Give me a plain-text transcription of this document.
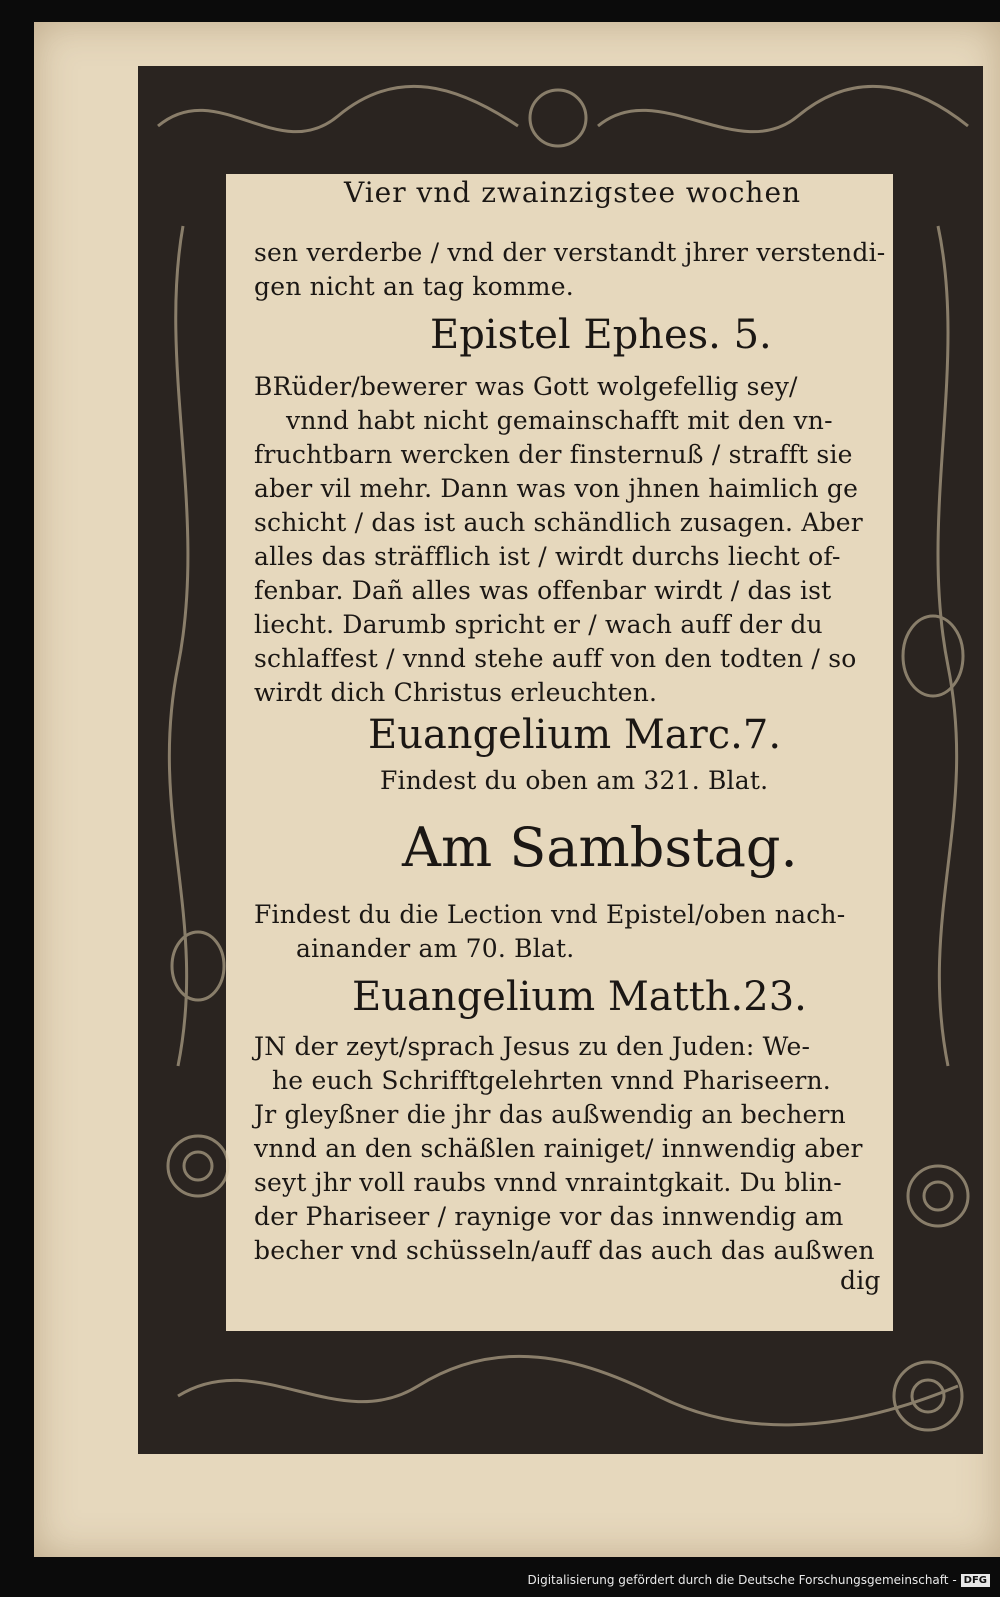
Vier vnd zwainzigstee wochen
sen verderbe / vnd der verstandt jhrer verstendi-
gen nicht an tag komme.
Epistel Ephes. 5.
BRüder/bewerer was Gott wolgefellig sey/
vnnd habt nicht gemainschafft mit den vn-
fruchtbarn wercken der finsternuß / strafft sie
aber vil mehr. Dann was von jhnen haimlich ge
schicht / das ist auch schändlich zusagen. Aber
alles das sträfflich ist / wirdt durchs liecht of-
fenbar. Dañ alles was offenbar wirdt / das ist
liecht. Darumb spricht er / wach auff der du
schlaffest / vnnd stehe auff von den todten / so
wirdt dich Christus erleuchten.
Euangelium Marc.7.
Findest du oben am 321. Blat.
Am Sambstag.
Findest du die Lection vnd Epistel/oben nach-
ainander am 70. Blat.
Euangelium Matth.23.
JN der zeyt/sprach Jesus zu den Juden: We-
he euch Schrifftgelehrten vnnd Phariseern.
Jr gleyßner die jhr das außwendig an bechern
vnnd an den schäßlen rainiget/ innwendig aber
seyt jhr voll raubs vnnd vnraintgkait. Du blin-
der Phariseer / raynige vor das innwendig am
becher vnd schüsseln/auff das auch das außwen
dig
Digitalisierung gefördert durch die Deutsche Forschungsgemeinschaft - DFG
